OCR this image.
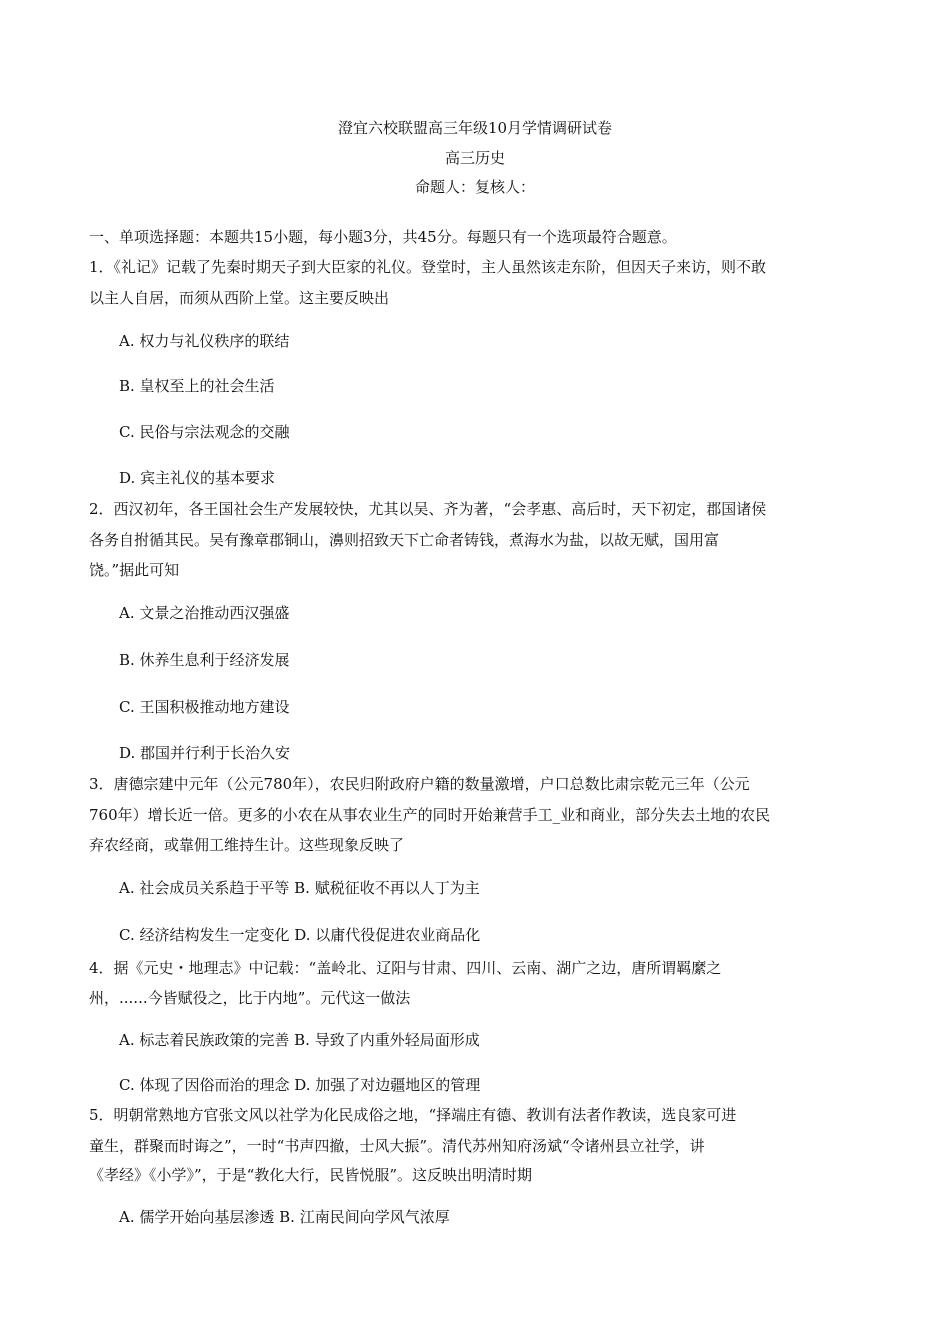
澄宜六校联盟高三年级10月学情调研试卷
高三历史
命题人：复核人：
一、单项选择题：本题共15小题，每小题3分，共45分。每题只有一个选项最符合题意。
1．《礼记》记载了先秦时期天子到大臣家的礼仪。登堂时，主人虽然该走东阶，但因天子来访，则不敢
以主人自居，而须从西阶上堂。这主要反映出
A. 权力与礼仪秩序的联结
B. 皇权至上的社会生活
C. 民俗与宗法观念的交融
D. 宾主礼仪的基本要求
2．西汉初年，各王国社会生产发展较快，尤其以吴、齐为著，“会孝惠、高后时，天下初定，郡国诸侯
各务自拊循其民。吴有豫章郡铜山，濞则招致天下亡命者铸钱，煮海水为盐，以故无赋，国用富
饶。”据此可知
A. 文景之治推动西汉强盛
B. 休养生息利于经济发展
C. 王国积极推动地方建设
D. 郡国并行利于长治久安
3．唐德宗建中元年（公元780年），农民归附政府户籍的数量激增，户口总数比肃宗乾元三年（公元
760年）增长近一倍。更多的小农在从事农业生产的同时开始兼营手工_业和商业，部分失去土地的农民
弃农经商，或靠佣工维持生计。这些现象反映了
A. 社会成员关系趋于平等 B. 赋税征收不再以人丁为主
C. 经济结构发生一定变化 D. 以庸代役促进农业商品化
4．据《元史・地理志》中记载：“盖岭北、辽阳与甘肃、四川、云南、湖广之边，唐所谓羁縻之
州，......今皆赋役之，比于内地”。元代这一做法
A. 标志着民族政策的完善 B. 导致了内重外轻局面形成
C. 体现了因俗而治的理念 D. 加强了对边疆地区的管理
5．明朝常熟地方官张文风以社学为化民成俗之地，“择端庄有德、教训有法者作教读，选良家可进
童生，群聚而时诲之”，一时“书声四撤，士风大振”。清代苏州知府汤斌“令诸州县立社学，讲
《孝经》《小学》”，于是“教化大行，民皆悦服”。这反映出明清时期
A. 儒学开始向基层渗透 B. 江南民间向学风气浓厚
